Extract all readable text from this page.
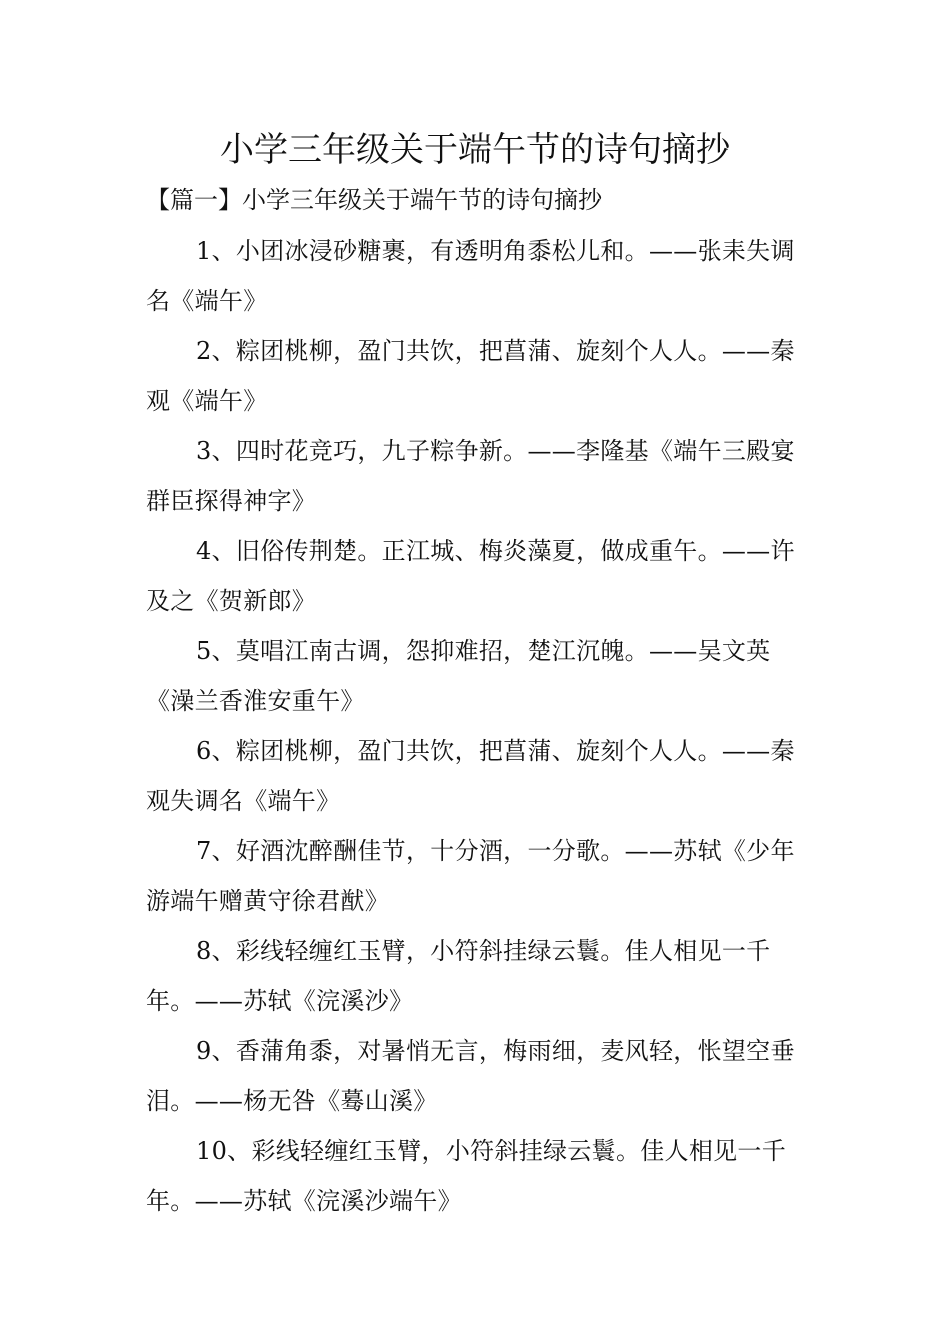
小学三年级关于端午节的诗句摘抄

【篇一】小学三年级关于端午节的诗句摘抄

1、小团冰浸砂糖裹，有透明角黍松儿和。——张耒失调名《端午》
2、粽团桃柳，盈门共饮，把菖蒲、旋刻个人人。——秦观《端午》
3、四时花竞巧，九子粽争新。——李隆基《端午三殿宴群臣探得神字》
4、旧俗传荆楚。正江城、梅炎藻夏，做成重午。——许及之《贺新郎》
5、莫唱江南古调，怨抑难招，楚江沉魄。——吴文英《澡兰香淮安重午》
6、粽团桃柳，盈门共饮，把菖蒲、旋刻个人人。——秦观失调名《端午》
7、好酒沈醉酬佳节，十分酒，一分歌。——苏轼《少年游端午赠黄守徐君猷》
8、彩线轻缠红玉臂，小符斜挂绿云鬟。佳人相见一千年。——苏轼《浣溪沙》
9、香蒲角黍，对暑悄无言，梅雨细，麦风轻，怅望空垂泪。——杨无咎《蓦山溪》
10、彩线轻缠红玉臂，小符斜挂绿云鬟。佳人相见一千年。——苏轼《浣溪沙端午》
